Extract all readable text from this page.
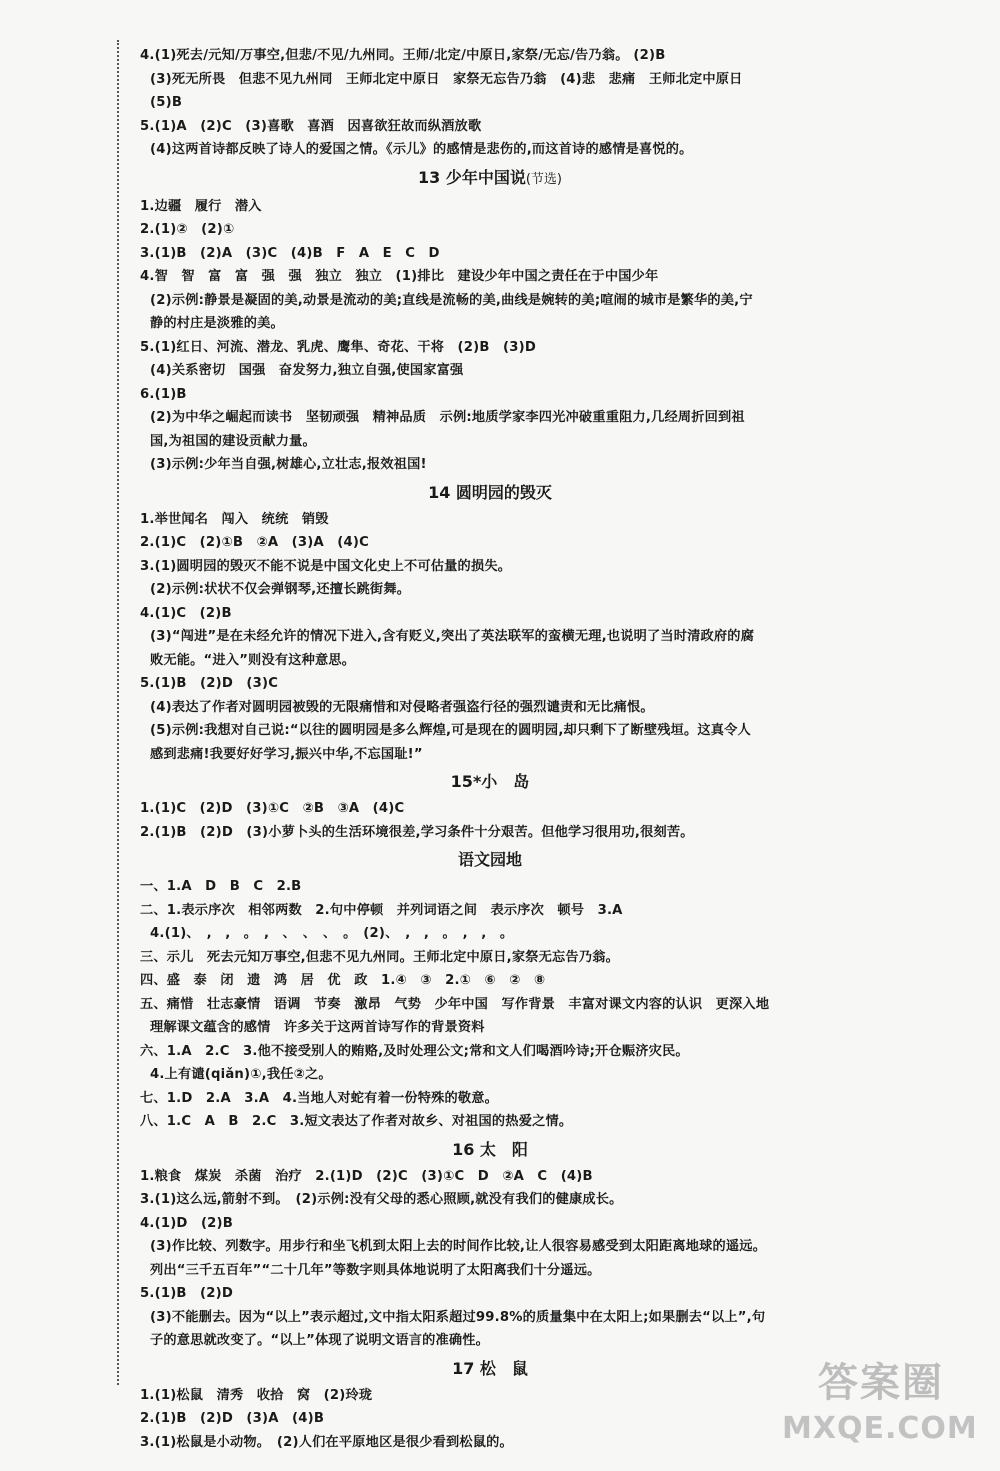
4.(1)死去/元知/万事空,但悲/不见/九州同。王师/北定/中原日,家祭/无忘/告乃翁。 (2)B
(3)死无所畏　但悲不见九州同　王师北定中原日　家祭无忘告乃翁　(4)悲　悲痛　王师北定中原日
(5)B
5.(1)A　(2)C　(3)喜歌　喜酒　因喜欲狂故而纵酒放歌
(4)这两首诗都反映了诗人的爱国之情。《示儿》的感情是悲伤的,而这首诗的感情是喜悦的。
13 少年中国说(节选)
1.边疆　履行　潜入
2.(1)②　(2)①
3.(1)B　(2)A　(3)C　(4)B　F　A　E　C　D
4.智　智　富　富　强　强　独立　独立　(1)排比　建设少年中国之责任在于中国少年
(2)示例:静景是凝固的美,动景是流动的美;直线是流畅的美,曲线是婉转的美;喧闹的城市是繁华的美,宁
静的村庄是淡雅的美。
5.(1)红日、河流、潜龙、乳虎、鹰隼、奇花、干将　(2)B　(3)D
(4)关系密切　国强　奋发努力,独立自强,使国家富强
6.(1)B
(2)为中华之崛起而读书　坚韧顽强　精神品质　示例:地质学家李四光冲破重重阻力,几经周折回到祖
国,为祖国的建设贡献力量。
(3)示例:少年当自强,树雄心,立壮志,报效祖国!
14 圆明园的毁灭
1.举世闻名　闯入　统统　销毁
2.(1)C　(2)①B　②A　(3)A　(4)C
3.(1)圆明园的毁灭不能不说是中国文化史上不可估量的损失。
(2)示例:状状不仅会弹钢琴,还擅长跳街舞。
4.(1)C　(2)B
(3)“闯进”是在未经允许的情况下进入,含有贬义,突出了英法联军的蛮横无理,也说明了当时清政府的腐
败无能。“进入”则没有这种意思。
5.(1)B　(2)D　(3)C
(4)表达了作者对圆明园被毁的无限痛惜和对侵略者强盗行径的强烈谴责和无比痛恨。
(5)示例:我想对自己说:“以往的圆明园是多么辉煌,可是现在的圆明园,却只剩下了断壁残垣。这真令人
感到悲痛!我要好好学习,振兴中华,不忘国耻!”
15*小　岛
1.(1)C　(2)D　(3)①C　②B　③A　(4)C
2.(1)B　(2)D　(3)小萝卜头的生活环境很差,学习条件十分艰苦。但他学习很用功,很刻苦。
语文园地
一、1.A　D　B　C　2.B
二、1.表示序次　相邻两数　2.句中停顿　并列词语之间　表示序次　顿号　3.A
4.(1)、　,　,　。　,　、　、　、　。　(2)、　,　,　。　,　,　。
三、示儿　死去元知万事空,但悲不见九州同。王师北定中原日,家祭无忘告乃翁。
四、盛　泰　闭　遗　鸿　居　优　政　1.④　③　2.①　⑥　②　⑧
五、痛惜　壮志豪情　语调　节奏　激昂　气势　少年中国　写作背景　丰富对课文内容的认识　更深入地
理解课文蕴含的感情　许多关于这两首诗写作的背景资料
六、1.A　2.C　3.他不接受别人的贿赂,及时处理公文;常和文人们喝酒吟诗;开仓赈济灾民。
4.上有谴(qiǎn)①,我任②之。
七、1.D　2.A　3.A　4.当地人对蛇有着一份特殊的敬意。
八、1.C　A　B　2.C　3.短文表达了作者对故乡、对祖国的热爱之情。
16 太　阳
1.粮食　煤炭　杀菌　治疗　2.(1)D　(2)C　(3)①C　D　②A　C　(4)B
3.(1)这么远,箭射不到。　(2)示例:没有父母的悉心照顾,就没有我们的健康成长。
4.(1)D　(2)B
(3)作比较、列数字。用步行和坐飞机到太阳上去的时间作比较,让人很容易感受到太阳距离地球的遥远。
列出“三千五百年”“二十几年”等数字则具体地说明了太阳离我们十分遥远。
5.(1)B　(2)D
(3)不能删去。因为“以上”表示超过,文中指太阳系超过99.8%的质量集中在太阳上;如果删去“以上”,句
子的意思就改变了。“以上”体现了说明文语言的准确性。
17 松　鼠
1.(1)松鼠　清秀　收拾　窝　(2)玲珑
2.(1)B　(2)D　(3)A　(4)B
3.(1)松鼠是小动物。　(2)人们在平原地区是很少看到松鼠的。
答案圈
MXQE.COM
